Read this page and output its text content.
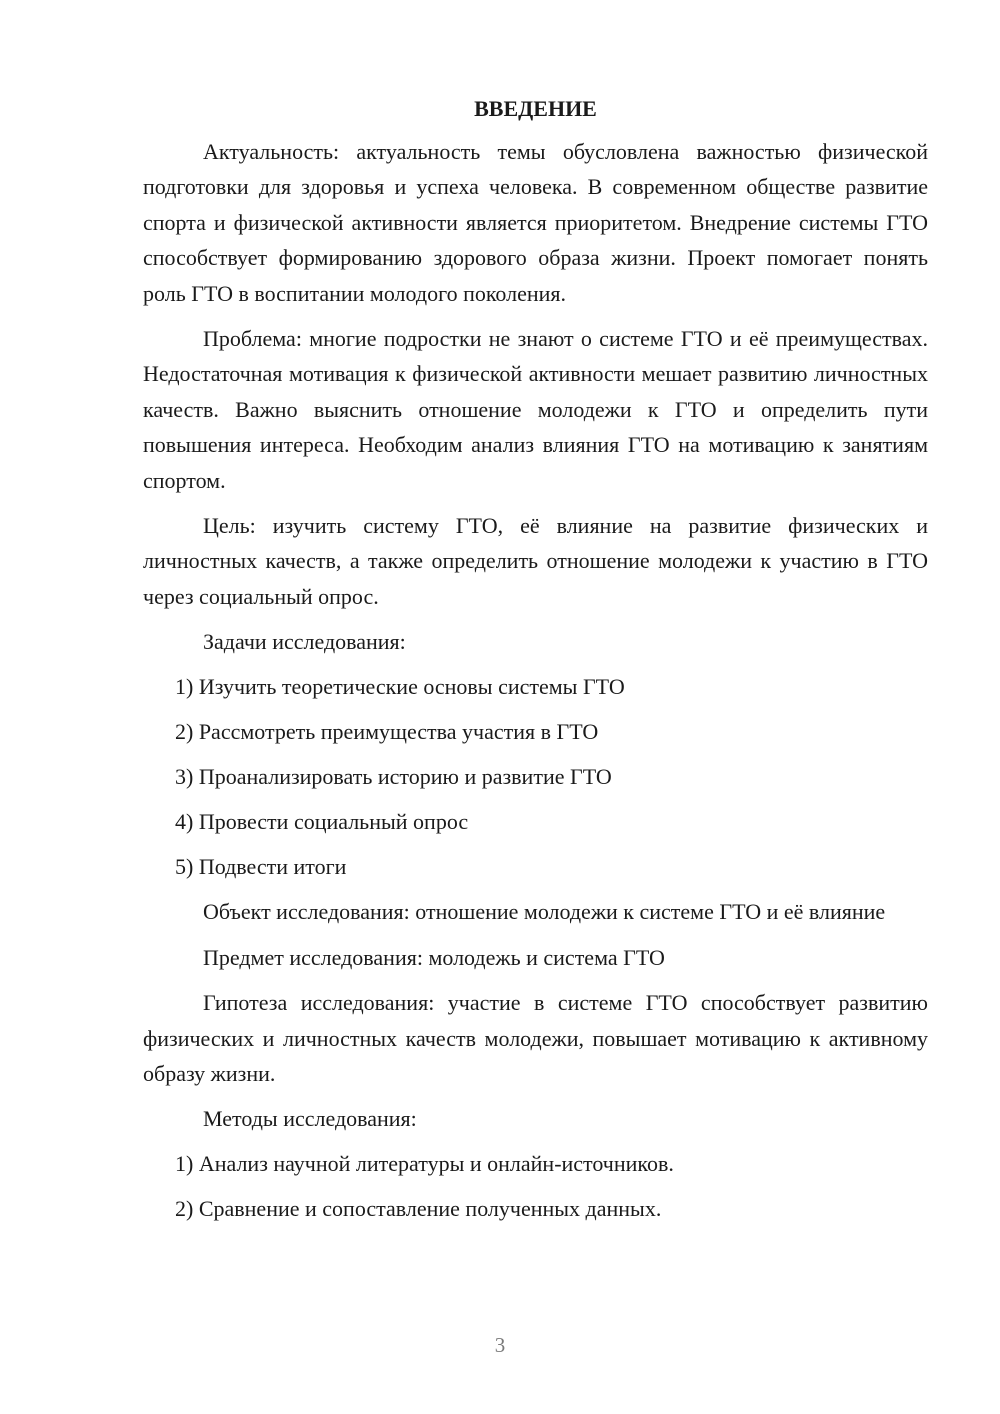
ВВЕДЕНИЕ

Актуальность: актуальность темы обусловлена важностью физической подготовки для здоровья и успеха человека. В современном обществе развитие спорта и физической активности является приоритетом. Внедрение системы ГТО способствует формированию здорового образа жизни. Проект помогает понять роль ГТО в воспитании молодого поколения.

Проблема: многие подростки не знают о системе ГТО и её преимуществах. Недостаточная мотивация к физической активности мешает развитию личностных качеств. Важно выяснить отношение молодежи к ГТО и определить пути повышения интереса. Необходим анализ влияния ГТО на мотивацию к занятиям спортом.

Цель: изучить систему ГТО, её влияние на развитие физических и личностных качеств, а также определить отношение молодежи к участию в ГТО через социальный опрос.

Задачи исследования:
1) Изучить теоретические основы системы ГТО
2) Рассмотреть преимущества участия в ГТО
3) Проанализировать историю и развитие ГТО
4) Провести социальный опрос
5) Подвести итоги

Объект исследования: отношение молодежи к системе ГТО и её влияние

Предмет исследования: молодежь и система ГТО

Гипотеза исследования: участие в системе ГТО способствует развитию физических и личностных качеств молодежи, повышает мотивацию к активному образу жизни.

Методы исследования:
1) Анализ научной литературы и онлайн-источников.
2) Сравнение и сопоставление полученных данных.
3
